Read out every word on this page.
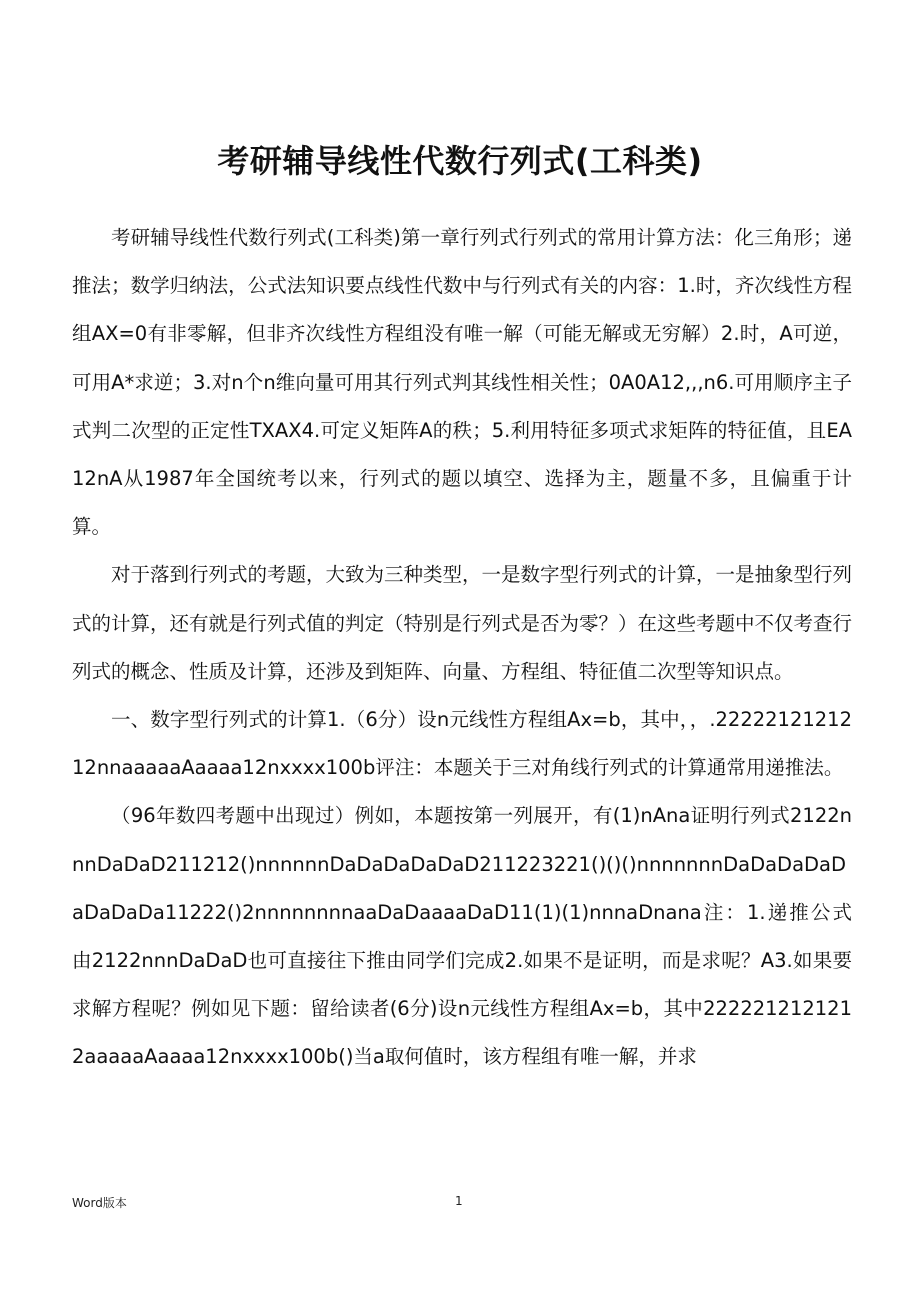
考研辅导线性代数行列式(工科类)

考研辅导线性代数行列式(工科类)第一章行列式行列式的常用计算方法：化三角形；递推法；数学归纳法，公式法知识要点线性代数中与行列式有关的内容：1.时，齐次线性方程组AX=0有非零解，但非齐次线性方程组没有唯一解（可能无解或无穷解）2.时，A可逆，可用A*求逆；3.对n个n维向量可用其行列式判其线性相关性；0A0A12,,,n6.可用顺序主子式判二次型的正定性TXAX4.可定义矩阵A的秩；5.利用特征多项式求矩阵的特征值，且EA12nA从1987年全国统考以来，行列式的题以填空、选择为主，题量不多，且偏重于计算。

对于落到行列式的考题，大致为三种类型，一是数字型行列式的计算，一是抽象型行列式的计算，还有就是行列式值的判定（特别是行列式是否为零？）在这些考题中不仅考查行列式的概念、性质及计算，还涉及到矩阵、向量、方程组、特征值二次型等知识点。

一、数字型行列式的计算1.（6分）设n元线性方程组Ax=b，其中，，.2222212121212nnaaaaaAaaaa12nxxxx100b评注：本题关于三对角线行列式的计算通常用递推法。

（96年数四考题中出现过）例如，本题按第一列展开，有(1)nAna证明行列式2122nnnDaDaD211212()nnnnnnDaDaDaDaDaD211223221()()()nnnnnnnDaDaDaDaDaDaDaDa11222()2nnnnnnnnaaDaDaaaaDaD11(1)(1)nnnaDnana注：1.递推公式由2122nnnDaDaD也可直接往下推由同学们完成2.如果不是证明，而是求呢？A3.如果要求解方程呢？例如见下题：留给读者(6分)设n元线性方程组Ax=b，其中2222212121212aaaaaAaaaa12nxxxx100b()当a取何值时，该方程组有唯一解，并求

Word版本	1
